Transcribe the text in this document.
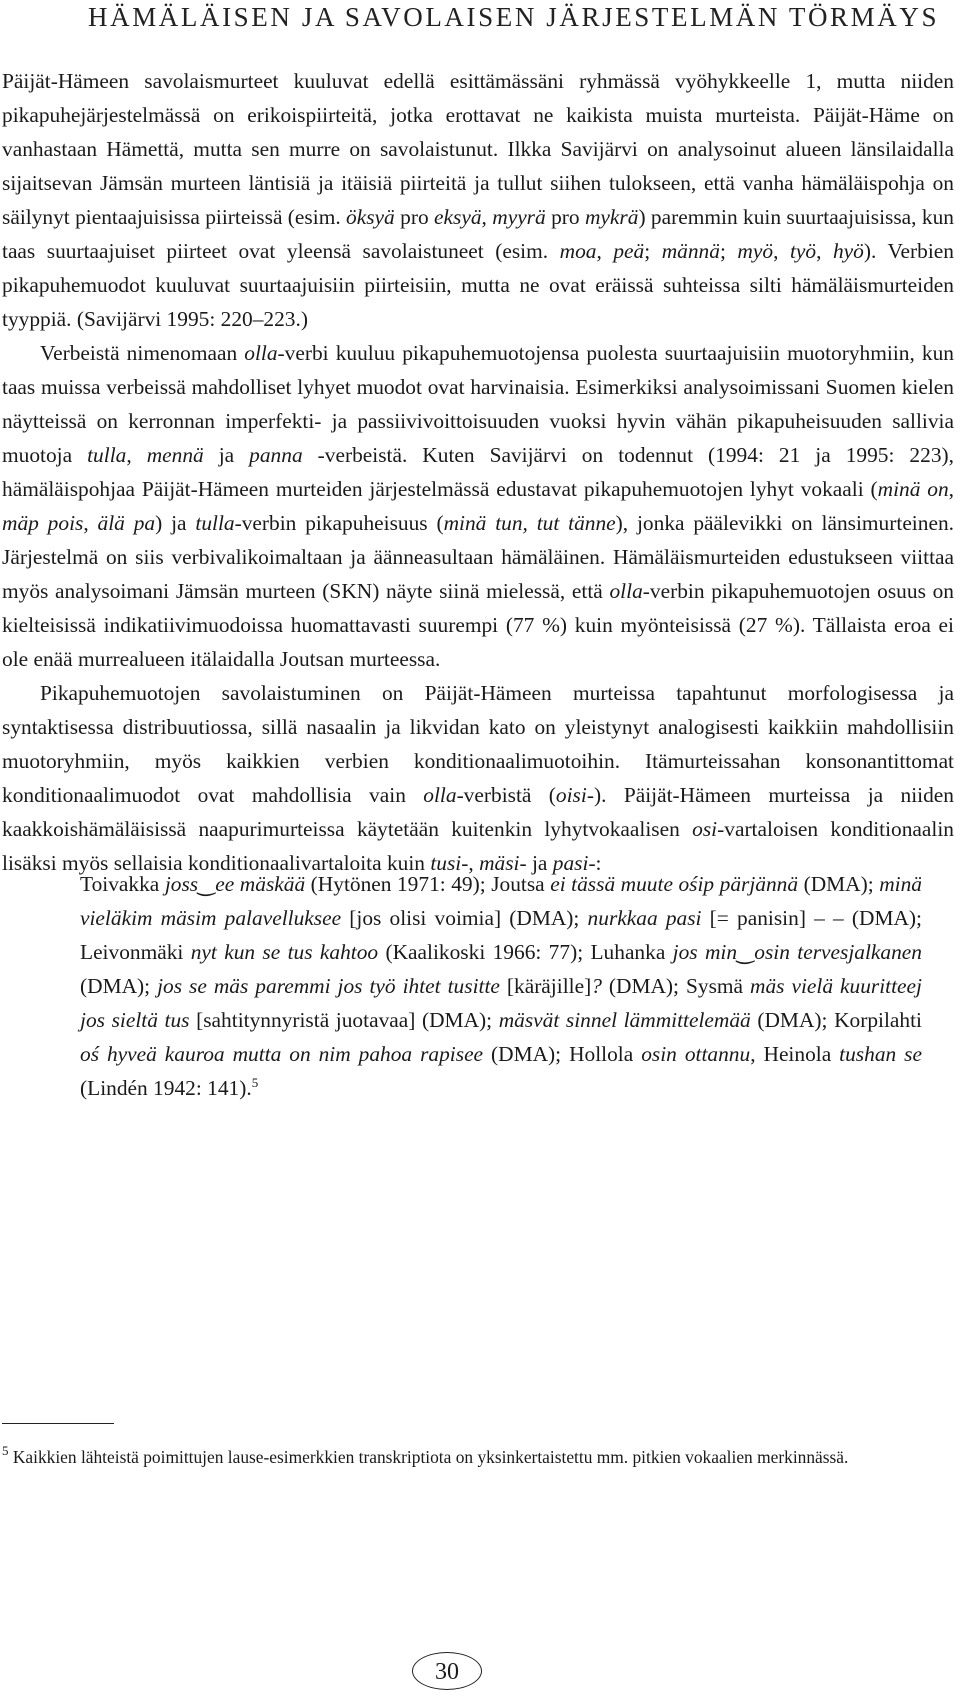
HÄMÄLÄISEN JA SAVOLAISEN JÄRJESTELMÄN TÖRMÄYS

Päijät-Hämeen savolaismurteet kuuluvat edellä esittämässäni ryhmässä vyöhykkeelle 1, mutta niiden pikapuhejärjestelmässä on erikoispiirteitä, jotka erottavat ne kaikista muista murteista. Päijät-Häme on vanhastaan Hämettä, mutta sen murre on savolaistunut. Ilkka Savijärvi on analysoinut alueen länsilaidalla sijaitsevan Jämsän murteen läntisiä ja itäisiä piirteitä ja tullut siihen tulokseen, että vanha hämäläispohja on säilynyt pientaajuisissa piirteissä (esim. öksyä pro eksyä, myyrä pro mykrä) paremmin kuin suurtaajuisissa, kun taas suurtaajuiset piirteet ovat yleensä savolaistuneet (esim. moa, peä; männä; myö, työ, hyö). Verbien pikapuhemuodot kuuluvat suurtaajuisiin piirteisiin, mutta ne ovat eräissä suhteissa silti hämäläismurteiden tyyppiä. (Savijärvi 1995: 220–223.)

Verbeistä nimenomaan olla-verbi kuuluu pikapuhemuotojensa puolesta suurtaajuisiin muotoryhmiin, kun taas muissa verbeissä mahdolliset lyhyet muodot ovat harvinaisia. Esimerkiksi analysoimissani Suomen kielen näytteissä on kerronnan imperfekti- ja passiivivoittoisuuden vuoksi hyvin vähän pikapuheisuuden sallivia muotoja tulla, mennä ja panna -verbeistä. Kuten Savijärvi on todennut (1994: 21 ja 1995: 223), hämäläispohjaa Päijät-Hämeen murteiden järjestelmässä edustavat pikapuhemuotojen lyhyt vokaali (minä on, mäp pois, älä pa) ja tulla-verbin pikapuheisuus (minä tun, tut tänne), jonka päälevikki on länsimurteinen. Järjestelmä on siis verbivalikoimaltaan ja äänneasultaan hämäläinen. Hämäläismurteiden edustukseen viittaa myös analysoimani Jämsän murteen (SKN) näyte siinä mielessä, että olla-verbin pikapuhemuotojen osuus on kielteisissä indikatiivimuodoissa huomattavasti suurempi (77 %) kuin myönteisissä (27 %). Tällaista eroa ei ole enää murrealueen itälaidalla Joutsan murteessa.

Pikapuhemuotojen savolaistuminen on Päijät-Hämeen murteissa tapahtunut morfologisessa ja syntaktisessa distribuutiossa, sillä nasaalin ja likvidan kato on yleistynyt analogisesti kaikkiin mahdollisiin muotoryhmiin, myös kaikkien verbien konditionaalimuotoihin. Itämurteissahan konsonantittomat konditionaalimuodot ovat mahdollisia vain olla-verbistä (oisi-). Päijät-Hämeen murteissa ja niiden kaakkoishämäläisissä naapurimurteissa käytetään kuitenkin lyhytvokaalisen osi-vartaloisen konditionaalin lisäksi myös sellaisia konditionaalivartaloita kuin tusi-, mäsi- ja pasi-:

Toivakka joss‿ee mäskää (Hytönen 1971: 49); Joutsa ei tässä muute ośip pärjännä (DMA); minä vieläkim mäsim palavelluksee [jos olisi voimia] (DMA); nurkkaa pasi [= panisin] – – (DMA); Leivonmäki nyt kun se tus kahtoo (Kaalikoski 1966: 77); Luhanka jos min‿osin tervesjalkanen (DMA); jos se mäs paremmi jos työ ihtet tusitte [käräjille]? (DMA); Sysmä mäs vielä kuuritteej jos sieltä tus [sahtitynnyristä juotavaa] (DMA); mäsvät sinnel lämmittelemää (DMA); Korpilahti oś hyveä kauroa mutta on nim pahoa rapisee (DMA); Hollola osin ottannu, Heinola tushan se (Lindén 1942: 141).$^5$

$^5$ Kaikkien lähteistä poimittujen lause-esimerkkien transkriptiota on yksinkertaistettu mm. pitkien vokaalien merkinnässä.

30
